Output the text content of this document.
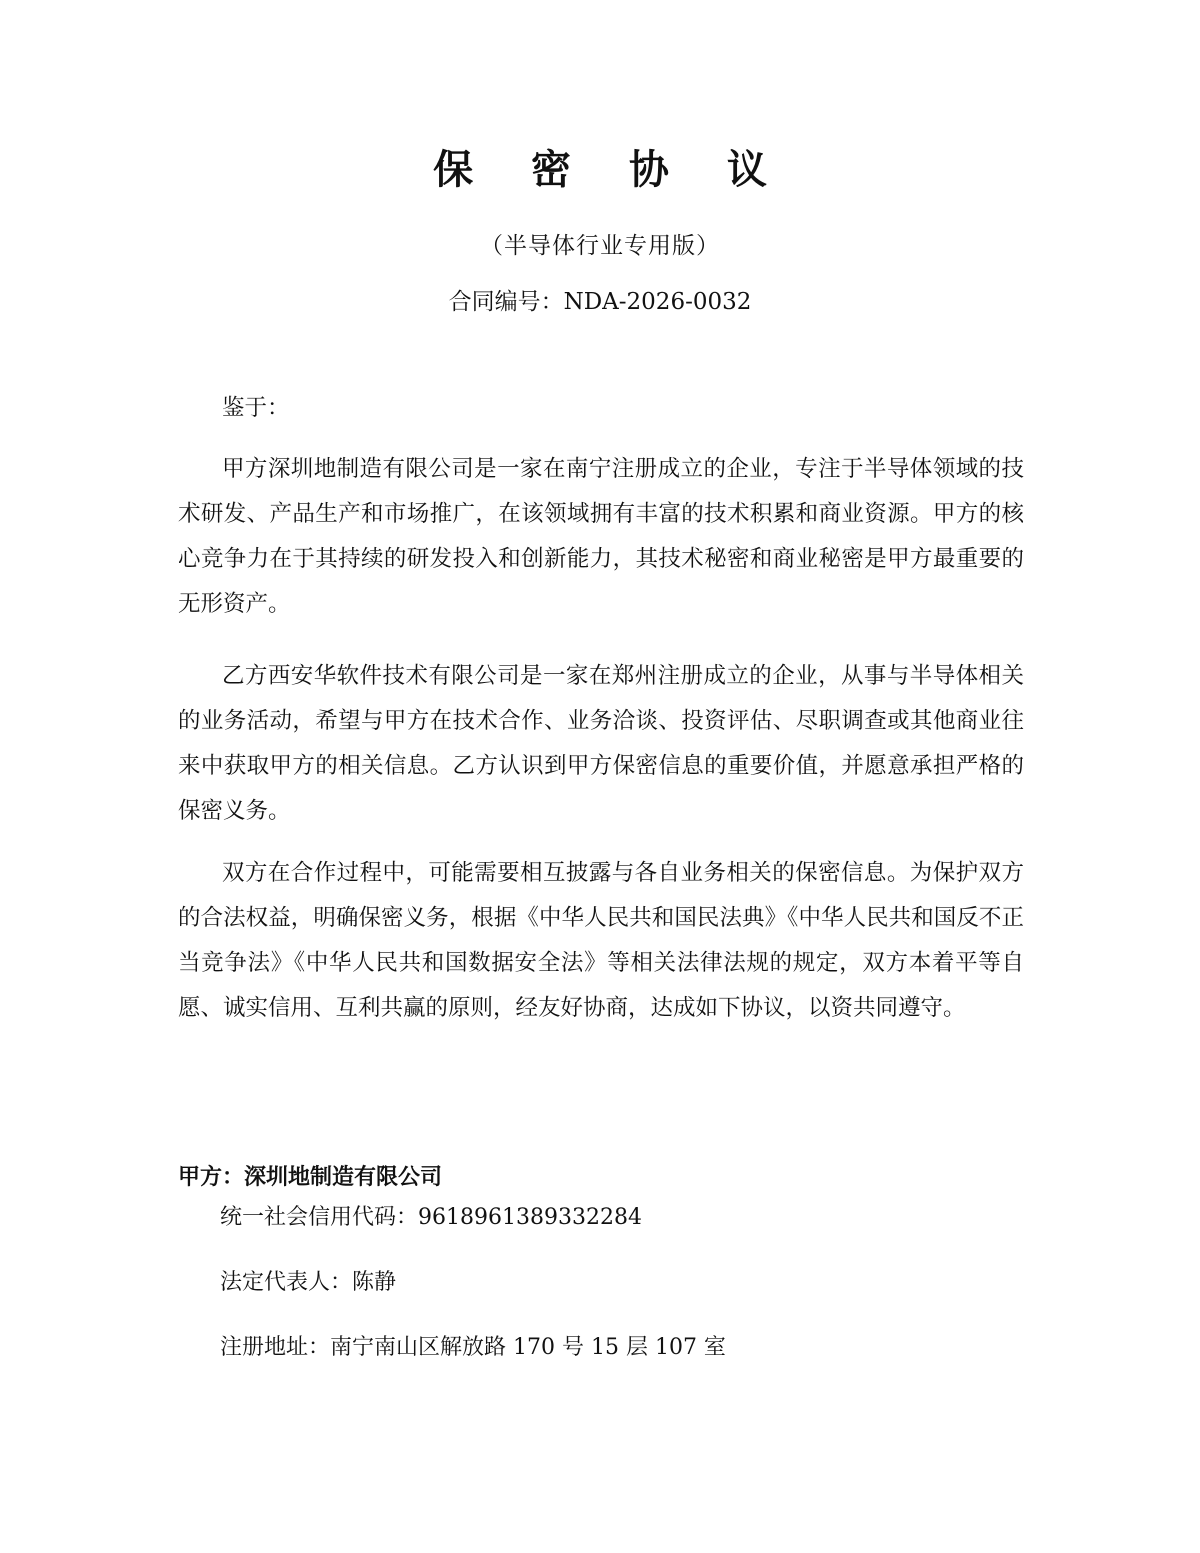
保 密 协 议
（半导体行业专用版）
合同编号：NDA-2026-0032
鉴于：
甲方深圳地制造有限公司是一家在南宁注册成立的企业，专注于半导体领域的技术研发、产品生产和市场推广，在该领域拥有丰富的技术积累和商业资源。甲方的核心竞争力在于其持续的研发投入和创新能力，其技术秘密和商业秘密是甲方最重要的无形资产。
乙方西安华软件技术有限公司是一家在郑州注册成立的企业，从事与半导体相关的业务活动，希望与甲方在技术合作、业务洽谈、投资评估、尽职调查或其他商业往来中获取甲方的相关信息。乙方认识到甲方保密信息的重要价值，并愿意承担严格的保密义务。
双方在合作过程中，可能需要相互披露与各自业务相关的保密信息。为保护双方的合法权益，明确保密义务，根据《中华人民共和国民法典》《中华人民共和国反不正当竞争法》《中华人民共和国数据安全法》等相关法律法规的规定，双方本着平等自愿、诚实信用、互利共赢的原则，经友好协商，达成如下协议，以资共同遵守。
甲方：深圳地制造有限公司
统一社会信用代码：9618961389332284
法定代表人：陈静
注册地址：南宁南山区解放路 170 号 15 层 107 室
